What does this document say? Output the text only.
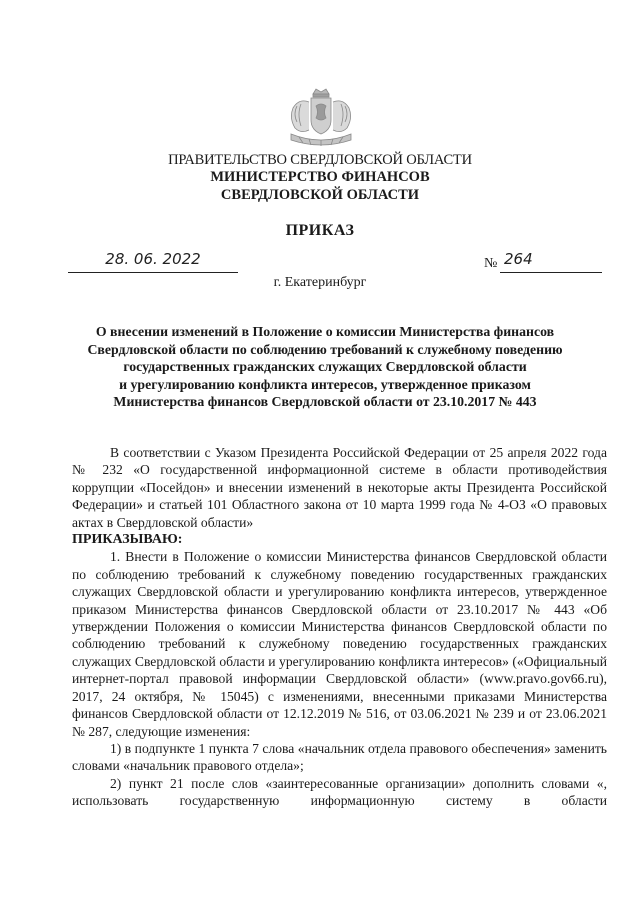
ПРАВИТЕЛЬСТВО СВЕРДЛОВСКОЙ ОБЛАСТИ
МИНИСТЕРСТВО ФИНАНСОВ
СВЕРДЛОВСКОЙ ОБЛАСТИ
ПРИКАЗ
28. 06. 2022	№ 264
г. Екатеринбург
О внесении изменений в Положение о комиссии Министерства финансов
Свердловской области по соблюдению требований к служебному поведению
государственных гражданских служащих Свердловской области
и урегулированию конфликта интересов, утвержденное приказом
Министерства финансов Свердловской области от 23.10.2017 № 443

В соответствии с Указом Президента Российской Федерации от 25 апреля 2022 года № 232 «О государственной информационной системе в области противодействия коррупции «Посейдон» и внесении изменений в некоторые акты Президента Российской Федерации» и статьей 101 Областного закона от 10 марта 1999 года № 4-ОЗ «О правовых актах в Свердловской области»

ПРИКАЗЫВАЮ:

1. Внести в Положение о комиссии Министерства финансов Свердловской области по соблюдению требований к служебному поведению государственных гражданских служащих Свердловской области и урегулированию конфликта интересов, утвержденное приказом Министерства финансов Свердловской области от 23.10.2017 № 443 «Об утверждении Положения о комиссии Министерства финансов Свердловской области по соблюдению требований к служебному поведению государственных гражданских служащих Свердловской области и урегулированию конфликта интересов» («Официальный интернет-портал правовой информации Свердловской области» (www.pravo.gov66.ru), 2017, 24 октября, № 15045) с изменениями, внесенными приказами Министерства финансов Свердловской области от 12.12.2019 № 516, от 03.06.2021 № 239 и от 23.06.2021 № 287, следующие изменения:

1) в подпункте 1 пункта 7 слова «начальник отдела правового обеспечения» заменить словами «начальник правового отдела»;

2) пункт 21 после слов «заинтересованные организации» дополнить словами «, использовать государственную информационную систему в области
